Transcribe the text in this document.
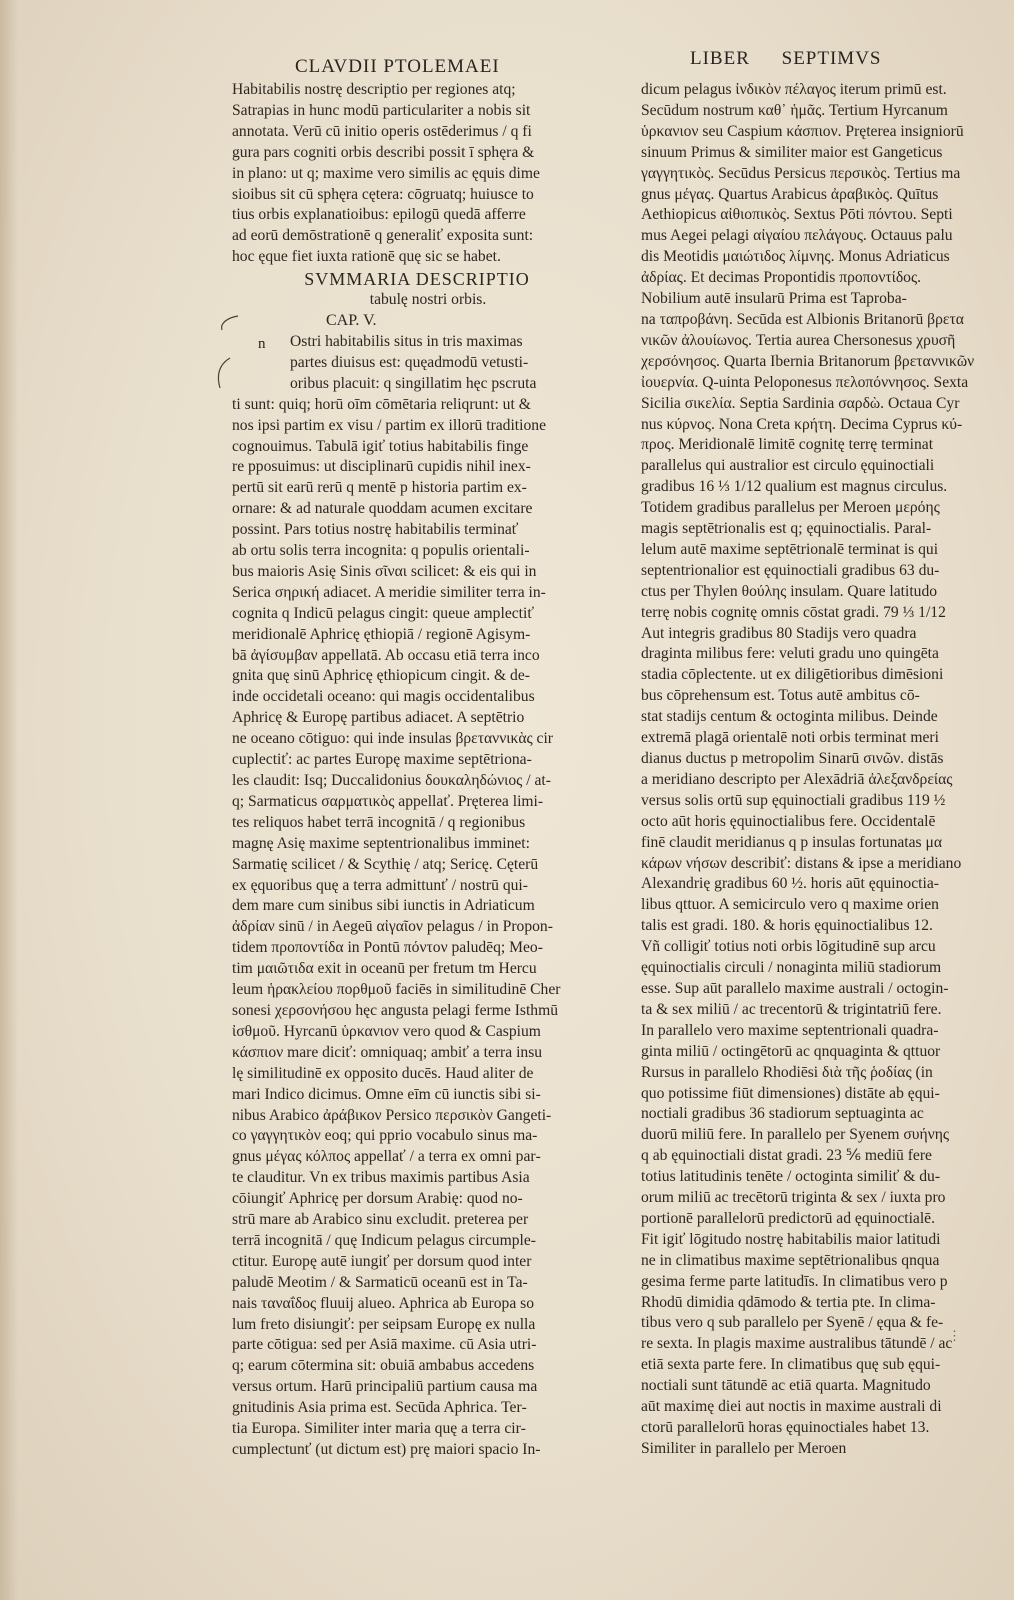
CLAVDII PTOLEMAEI	LIBER SEPTIMVS
n
Habitabilis nostrę descriptio per regiones atq;
Satrapias in hunc modū particulariter a nobis sit
annotata. Verū cū initio operis ostēderimus / q fi
gura pars cogniti orbis describi possit ī sphęra &
in plano: ut q; maxime vero similis ac ęquis dime
sioibus sit cū sphęra cętera: cōgruatq; huiusce to
tius orbis explanatioibus: epilogū quedā afferre
ad eorū demōstrationē q generaliť exposita sunt:
hoc ęque fiet iuxta rationē quę sic se habet.
SVMMARIA DESCRIPTIO
tabulę nostri orbis.
CAP. V.
Ostri habitabilis situs in tris maximas
partes diuisus est: quęadmodū vetusti‑
oribus placuit: q singillatim hęc pscruta
ti sunt: quiq; horū oīm cōmētaria reliqrunt: ut &
nos ipsi partim ex visu / partim ex illorū traditione
cognouimus. Tabulā igiť totius habitabilis finge
re pposuimus: ut disciplinarū cupidis nihil inex‑
pertū sit earū rerū q mentē p historia partim ex‑
ornare: & ad naturale quoddam acumen excitare
possint. Pars totius nostrę habitabilis terminať
ab ortu solis terra incognita: q populis orientali‑
bus maioris Asię Sinis σῖναι scilicet: & eis qui in
Serica σηρική adiacet. A meridie similiter terra in‑
cognita q Indicū pelagus cingit: queue amplectiť
meridionalē Aphricę ęthiopiā / regionē Agisym‑
bā ἀγίσυμβαν appellatā. Ab occasu etiā terra inco
gnita quę sinū Aphricę ęthiopicum cingit. & de‑
inde occidetali oceano: qui magis occidentalibus
Aphricę & Europę partibus adiacet. A septētrio
ne oceano cōtiguo: qui inde insulas βρεταννικὰς cir
cuplectiť: ac partes Europę maxime septētriona‑
les claudit: Isq; Duccalidonius δουκαληδώνιος / at‑
q; Sarmaticus σαρματικὸς appellať. Pręterea limi‑
tes reliquos habet terrā incognitā / q regionibus
magnę Asię maxime septentrionalibus imminet:
Sarmatię scilicet / & Scythię / atq; Sericę. Cęterū
ex ęquoribus quę a terra admittunť / nostrū qui‑
dem mare cum sinibus sibi iunctis in Adriaticum
ἀδρίαν sinū / in Aegeū αἰγαῖον pelagus / in Propon‑
tidem προποντίδα in Pontū πόντον paludēq; Meo‑
tim μαιῶτιδα exit in oceanū per fretum tm Hercu
leum ἡρακλείου πορθμοῦ faciēs in similitudinē Cher
sonesi χερσονήσου hęc angusta pelagi ferme Isthmū
ἰσθμοῦ. Hyrcanū ὑρκανιον vero quod & Caspium
κάσπιον mare diciť: omniquaq; ambiť a terra insu
lę similitudinē ex opposito ducēs. Haud aliter de
mari Indico dicimus. Omne eīm cū iunctis sibi si‑
nibus Arabico ἀράβικον Persico περσικὸν Gangeti‑
co γαγγητικὸν eoq; qui pprio vocabulo sinus ma‑
gnus μέγας κόλπος appellať / a terra ex omni par‑
te clauditur. Vn ex tribus maximis partibus Asia
cōiungiť Aphricę per dorsum Arabię: quod no‑
strū mare ab Arabico sinu excludit. preterea per
terrā incognitā / quę Indicum pelagus circumple‑
ctitur. Europę autē iungiť per dorsum quod inter
paludē Meotim / & Sarmaticū oceanū est in Ta‑
nais ταναΐδος fluuij alueo. Aphrica ab Europa so
lum freto disiungiť: per seipsam Europę ex nulla
parte cōtigua: sed per Asiā maxime. cū Asia utri‑
q; earum cōtermina sit: obuiā ambabus accedens
versus ortum. Harū principaliū partium causa ma
gnitudinis Asia prima est. Secūda Aphrica. Ter‑
tia Europa. Similiter inter maria quę a terra cir‑
cumplectunť (ut dictum est) prę maiori spacio In‑
dicum pelagus ἰνδικὸν πέλαγος iterum primū est.
Secūdum nostrum καθ᾽ ἡμᾶς. Tertium Hyrcanum
ὑρκανιον seu Caspium κάσπιον. Pręterea insigniorū
sinuum Primus & similiter maior est Gangeticus
γαγγητικὸς. Secūdus Persicus περσικὸς. Tertius ma
gnus μέγας. Quartus Arabicus ἀραβικὸς. Quītus
Aethiopicus αἰθιοπικὸς. Sextus Pōti πόντου. Septi
mus Aegei pelagi αἰγαίου πελάγους. Octauus palu
dis Meotidis μαιώτιδος λίμνης. Monus Adriaticus
ἀδρίας. Et decimas Propontidis προποντίδος.
Nobilium autē insularū Prima est Taproba‑
na ταπροβάνη. Secūda est Albionis Britanorū βρετα
νικῶν ἀλουίωνος. Tertia aurea Chersonesus χρυσῆ
χερσόνησος. Quarta Ibernia Britanorum βρεταννικῶν
ἰουερνία. Q‑uinta Peloponesus πελοπόννησος. Sexta
Sicilia σικελία. Septia Sardinia σαρδὼ. Octaua Cyr
nus κύρνος. Nona Creta κρήτη. Decima Cyprus κύ‑
προς. Meridionalē limitē cognitę terrę terminat
parallelus qui australior est circulo ęquinoctiali
gradibus 16 ⅓ 1/12 qualium est magnus circulus.
Totidem gradibus parallelus per Meroen μερόης
magis septētrionalis est q; ęquinoctialis. Paral‑
lelum autē maxime septētrionalē terminat is qui
septentrionalior est ęquinoctiali gradibus 63 du‑
ctus per Thylen θούλης insulam. Quare latitudo
terrę nobis cognitę omnis cōstat gradi. 79 ⅓ 1/12
Aut integris gradibus 80 Stadijs vero quadra
draginta milibus fere: veluti gradu uno quingēta
stadia cōplectente. ut ex diligētioribus dimēsioni
bus cōprehensum est. Totus autē ambitus cō‑
stat stadijs centum & octoginta milibus. Deinde
extremā plagā orientalē noti orbis terminat meri
dianus ductus p metropolim Sinarū σινῶν. distās
a meridiano descripto per Alexādriā ἀλεξανδρείας
versus solis ortū sup ęquinoctiali gradibus 119 ½
octo aūt horis ęquinoctialibus fere. Occidentalē
finē claudit meridianus q p insulas fortunatas μα
κάρων νήσων describiť: distans & ipse a meridiano
Alexandrię gradibus 60 ½. horis aūt ęquinoctia‑
libus qttuor. A semicirculo vero q maxime orien
talis est gradi. 180. & horis ęquinoctialibus 12.
Vñ colligiť totius noti orbis lōgitudinē sup arcu
ęquinoctialis circuli / nonaginta miliū stadiorum
esse. Sup aūt parallelo maxime australi / octogin‑
ta & sex miliū / ac trecentorū & trigintatriū fere.
In parallelo vero maxime septentrionali quadra‑
ginta miliū / octingētorū ac qnquaginta & qttuor
Rursus in parallelo Rhodiēsi διὰ τῆς ῥοδίας (in
quo potissime fiūt dimensiones) distāte ab ęqui‑
noctiali gradibus 36 stadiorum septuaginta ac
duorū miliū fere. In parallelo per Syenem συήνης
q ab ęquinoctiali distat gradi. 23 ⅚ mediū fere
totius latitudinis tenēte / octoginta similiť & du‑
orum miliū ac trecētorū triginta & sex / iuxta pro
portionē parallelorū predictorū ad ęquinoctialē.
Fit igiť lōgitudo nostrę habitabilis maior latitudi
ne in climatibus maxime septētrionalibus qnqua
gesima ferme parte latitudīs. In climatibus vero p
Rhodū dimidia qdāmodo & tertia pte. In clima‑
tibus vero q sub parallelo per Syenē / ęqua & fe‑
re sexta. In plagis maxime australibus tātundē / ac
etiā sexta parte fere. In climatibus quę sub ęqui‑
noctiali sunt tātundē ac etiā quarta. Magnitudo
aūt maximę diei aut noctis in maxime australi di
ctorū parallelorū horas ęquinoctiales habet 13.
Similiter in parallelo per Meroen
⋮
